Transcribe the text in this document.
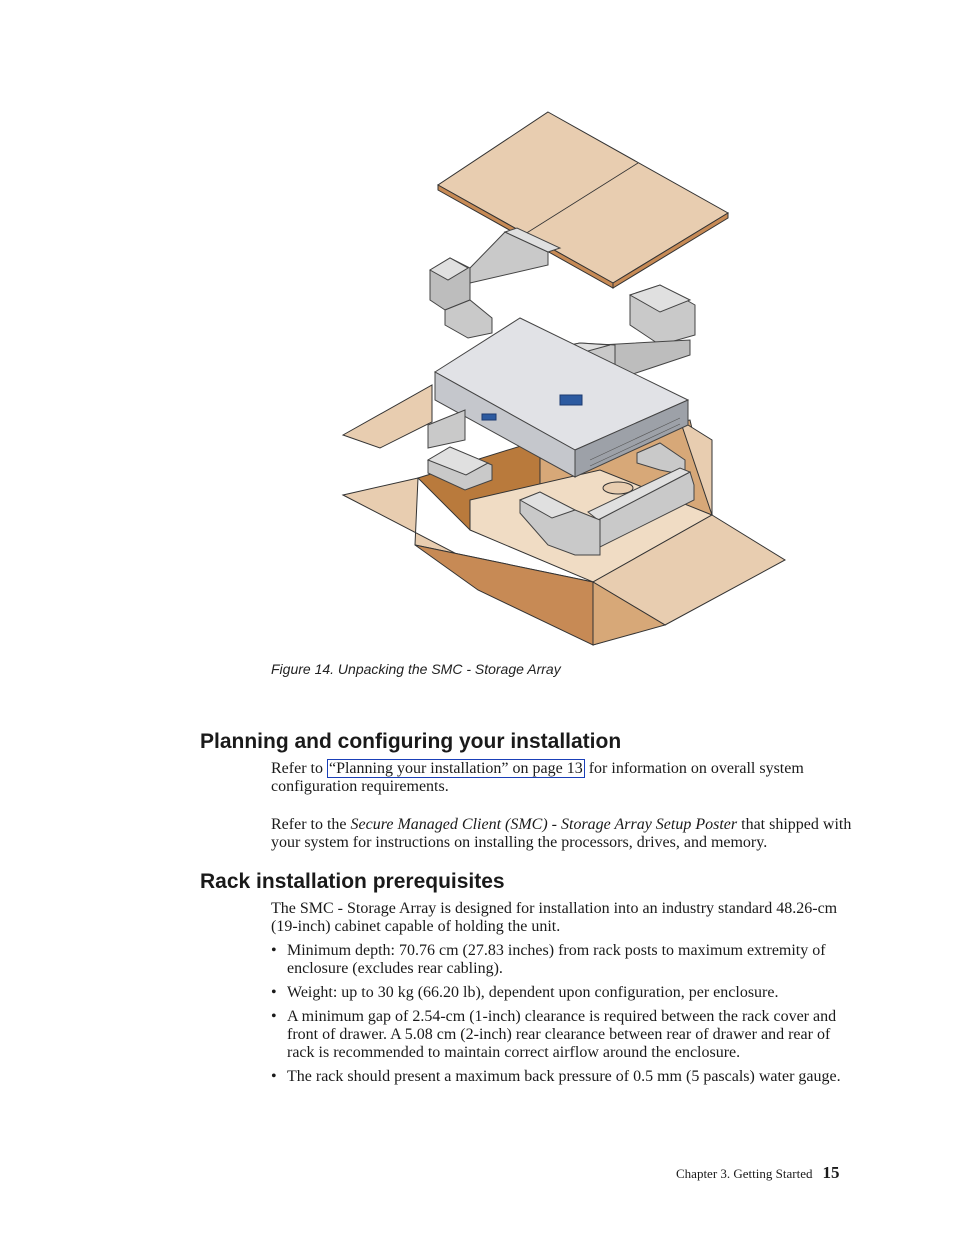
Figure 14. Unpacking the SMC - Storage Array
Planning and configuring your installation

Refer to “Planning your installation” on page 13 for information on overall system configuration requirements.

Refer to the Secure Managed Client (SMC) - Storage Array Setup Poster that shipped with your system for instructions on installing the processors, drives, and memory.

Rack installation prerequisites

The SMC - Storage Array is designed for installation into an industry standard 48.26-cm (19-inch) cabinet capable of holding the unit.

• Minimum depth: 70.76 cm (27.83 inches) from rack posts to maximum extremity of enclosure (excludes rear cabling).
• Weight: up to 30 kg (66.20 lb), dependent upon configuration, per enclosure.
• A minimum gap of 2.54-cm (1-inch) clearance is required between the rack cover and front of drawer. A 5.08 cm (2-inch) rear clearance between rear of drawer and rear of rack is recommended to maintain correct airflow around the enclosure.
• The rack should present a maximum back pressure of 0.5 mm (5 pascals) water gauge.
Chapter 3. Getting Started 15
